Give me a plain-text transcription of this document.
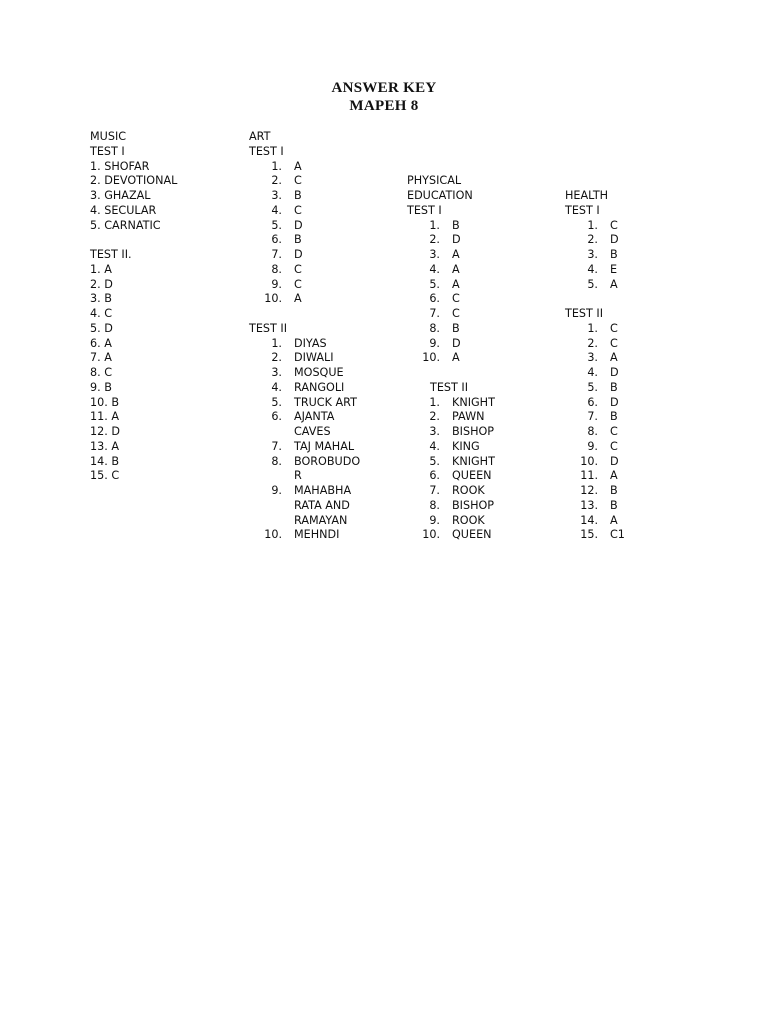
ANSWER KEY
MAPEH 8
MUSIC
TEST I
1. SHOFAR
2. DEVOTIONAL
3. GHAZAL
4. SECULAR
5. CARNATIC
TEST II.
1. A
2. D
3. B
4. C
5. D
6. A
7. A
8. C
9. B
10. B
11. A
12. D
13. A
14. B
15. C
ART
TEST I
1. A
2. C
3. B
4. C
5. D
6. B
7. D
8. C
9. C
10. A
TEST II
1. DIYAS
2. DIWALI
3. MOSQUE
4. RANGOLI
5. TRUCK ART
6. AJANTA
CAVES
7. TAJ MAHAL
8. BOROBUDO
R
9. MAHABHA
RATA AND
RAMAYAN
10. MEHNDI
PHYSICAL
EDUCATION
TEST I
1. B
2. D
3. A
4. A
5. A
6. C
7. C
8. B
9. D
10. A
TEST II
1. KNIGHT
2. PAWN
3. BISHOP
4. KING
5. KNIGHT
6. QUEEN
7. ROOK
8. BISHOP
9. ROOK
10. QUEEN
HEALTH
TEST I
1. C
2. D
3. B
4. E
5. A
TEST II
1. C
2. C
3. A
4. D
5. B
6. D
7. B
8. C
9. C
10. D
11. A
12. B
13. B
14. A
15. C1
